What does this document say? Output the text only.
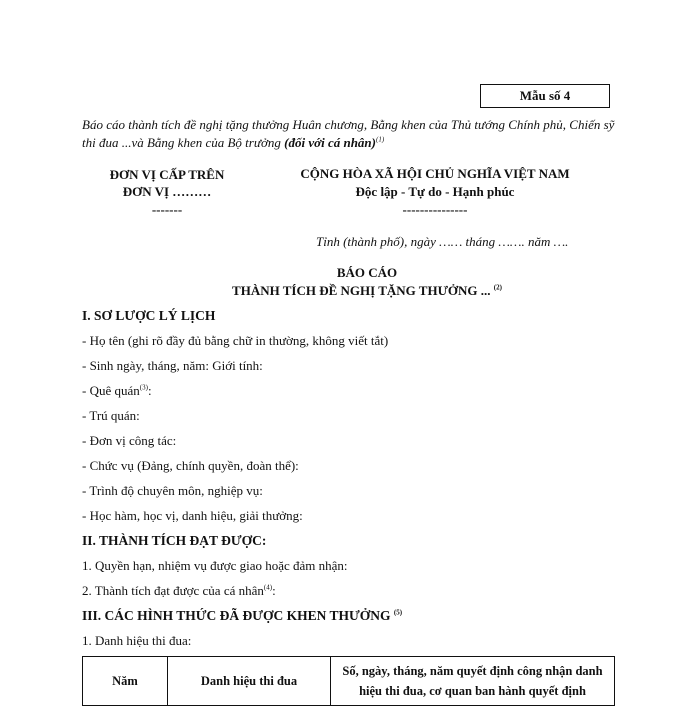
Mẫu số 4
Báo cáo thành tích đề nghị tặng thưởng Huân chương, Bằng khen của Thủ tướng Chính phủ, Chiến sỹ thi đua ...và Bằng khen của Bộ trưởng (đối với cá nhân)$^{(1)}$
ĐƠN VỊ CẤP TRÊN
ĐƠN VỊ ………
-------
CỘNG HÒA XÃ HỘI CHỦ NGHĨA VIỆT NAM
Độc lập - Tự do - Hạnh phúc
---------------
Tỉnh (thành phố), ngày …… tháng ……. năm ….
BÁO CÁO
THÀNH TÍCH ĐỀ NGHỊ TẶNG THƯỞNG ... $^{(2)}$
I. SƠ LƯỢC LÝ LỊCH
- Họ tên (ghi rõ đầy đủ bằng chữ in thường, không viết tắt)
- Sinh ngày, tháng, năm: Giới tính:
- Quê quán$^{(3)}$:
- Trú quán:
- Đơn vị công tác:
- Chức vụ (Đảng, chính quyền, đoàn thể):
- Trình độ chuyên môn, nghiệp vụ:
- Học hàm, học vị, danh hiệu, giải thưởng:
II. THÀNH TÍCH ĐẠT ĐƯỢC:
1. Quyền hạn, nhiệm vụ được giao hoặc đảm nhận:
2. Thành tích đạt được của cá nhân$^{(4)}$:
III. CÁC HÌNH THỨC ĐÃ ĐƯỢC KHEN THƯỞNG $^{(5)}$
1. Danh hiệu thi đua:
Năm	Danh hiệu thi đua	Số, ngày, tháng, năm quyết định công nhận danh hiệu thi đua, cơ quan ban hành quyết định
